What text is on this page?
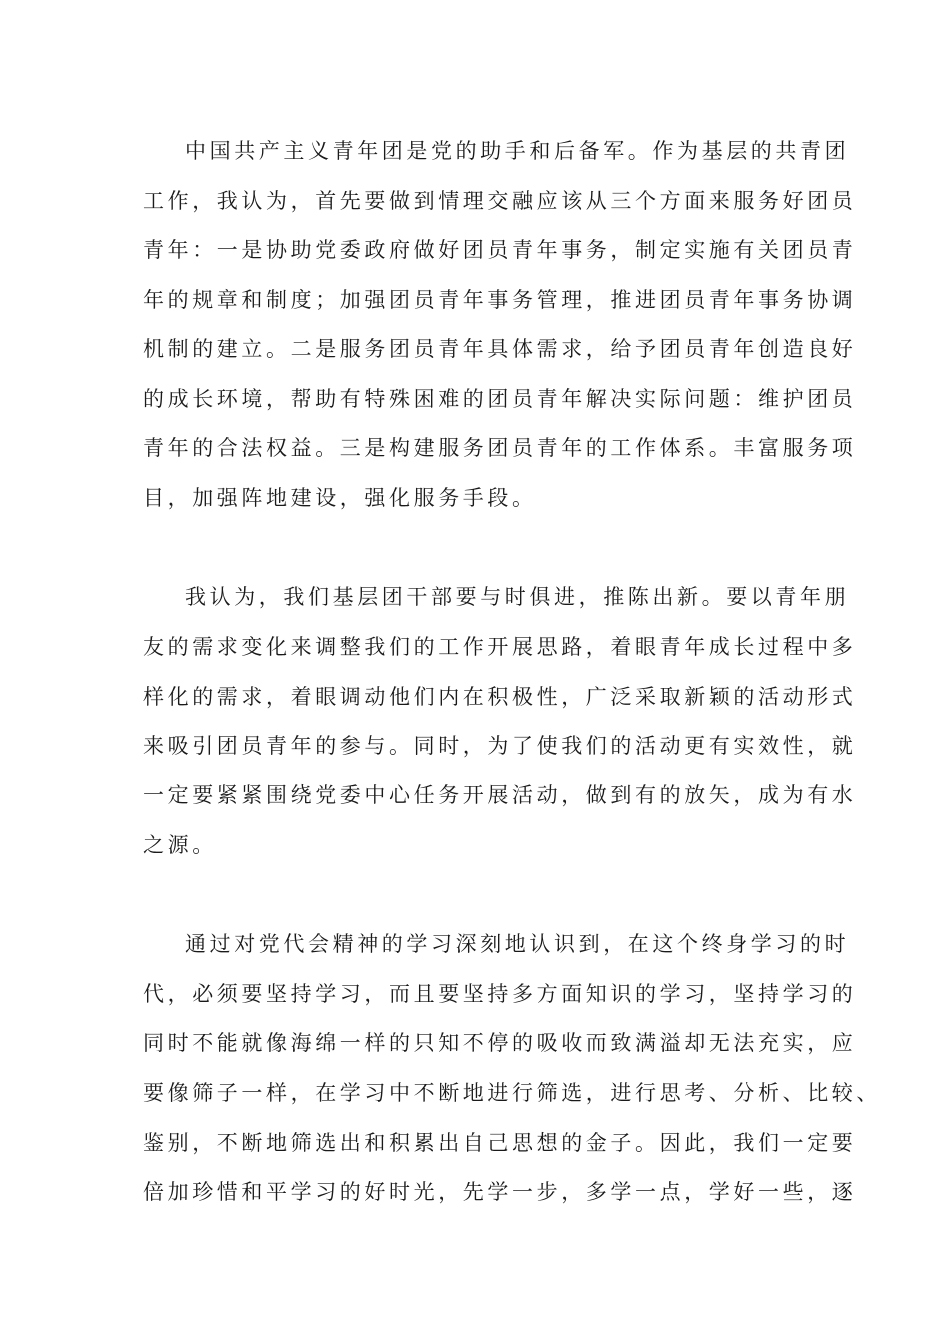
中国共产主义青年团是党的助手和后备军。作为基层的共青团
工作，我认为，首先要做到情理交融应该从三个方面来服务好团员
青年：一是协助党委政府做好团员青年事务，制定实施有关团员青
年的规章和制度；加强团员青年事务管理，推进团员青年事务协调
机制的建立。二是服务团员青年具体需求，给予团员青年创造良好
的成长环境，帮助有特殊困难的团员青年解决实际问题：维护团员
青年的合法权益。三是构建服务团员青年的工作体系。丰富服务项
目，加强阵地建设，强化服务手段。
我认为，我们基层团干部要与时俱进，推陈出新。要以青年朋
友的需求变化来调整我们的工作开展思路，着眼青年成长过程中多
样化的需求，着眼调动他们内在积极性，广泛采取新颖的活动形式
来吸引团员青年的参与。同时，为了使我们的活动更有实效性，就
一定要紧紧围绕党委中心任务开展活动，做到有的放矢，成为有水
之源。
通过对党代会精神的学习深刻地认识到，在这个终身学习的时
代，必须要坚持学习，而且要坚持多方面知识的学习，坚持学习的
同时不能就像海绵一样的只知不停的吸收而致满溢却无法充实，应
要像筛子一样，在学习中不断地进行筛选，进行思考、分析、比较、
鉴别，不断地筛选出和积累出自己思想的金子。因此，我们一定要
倍加珍惜和平学习的好时光，先学一步，多学一点，学好一些，逐
